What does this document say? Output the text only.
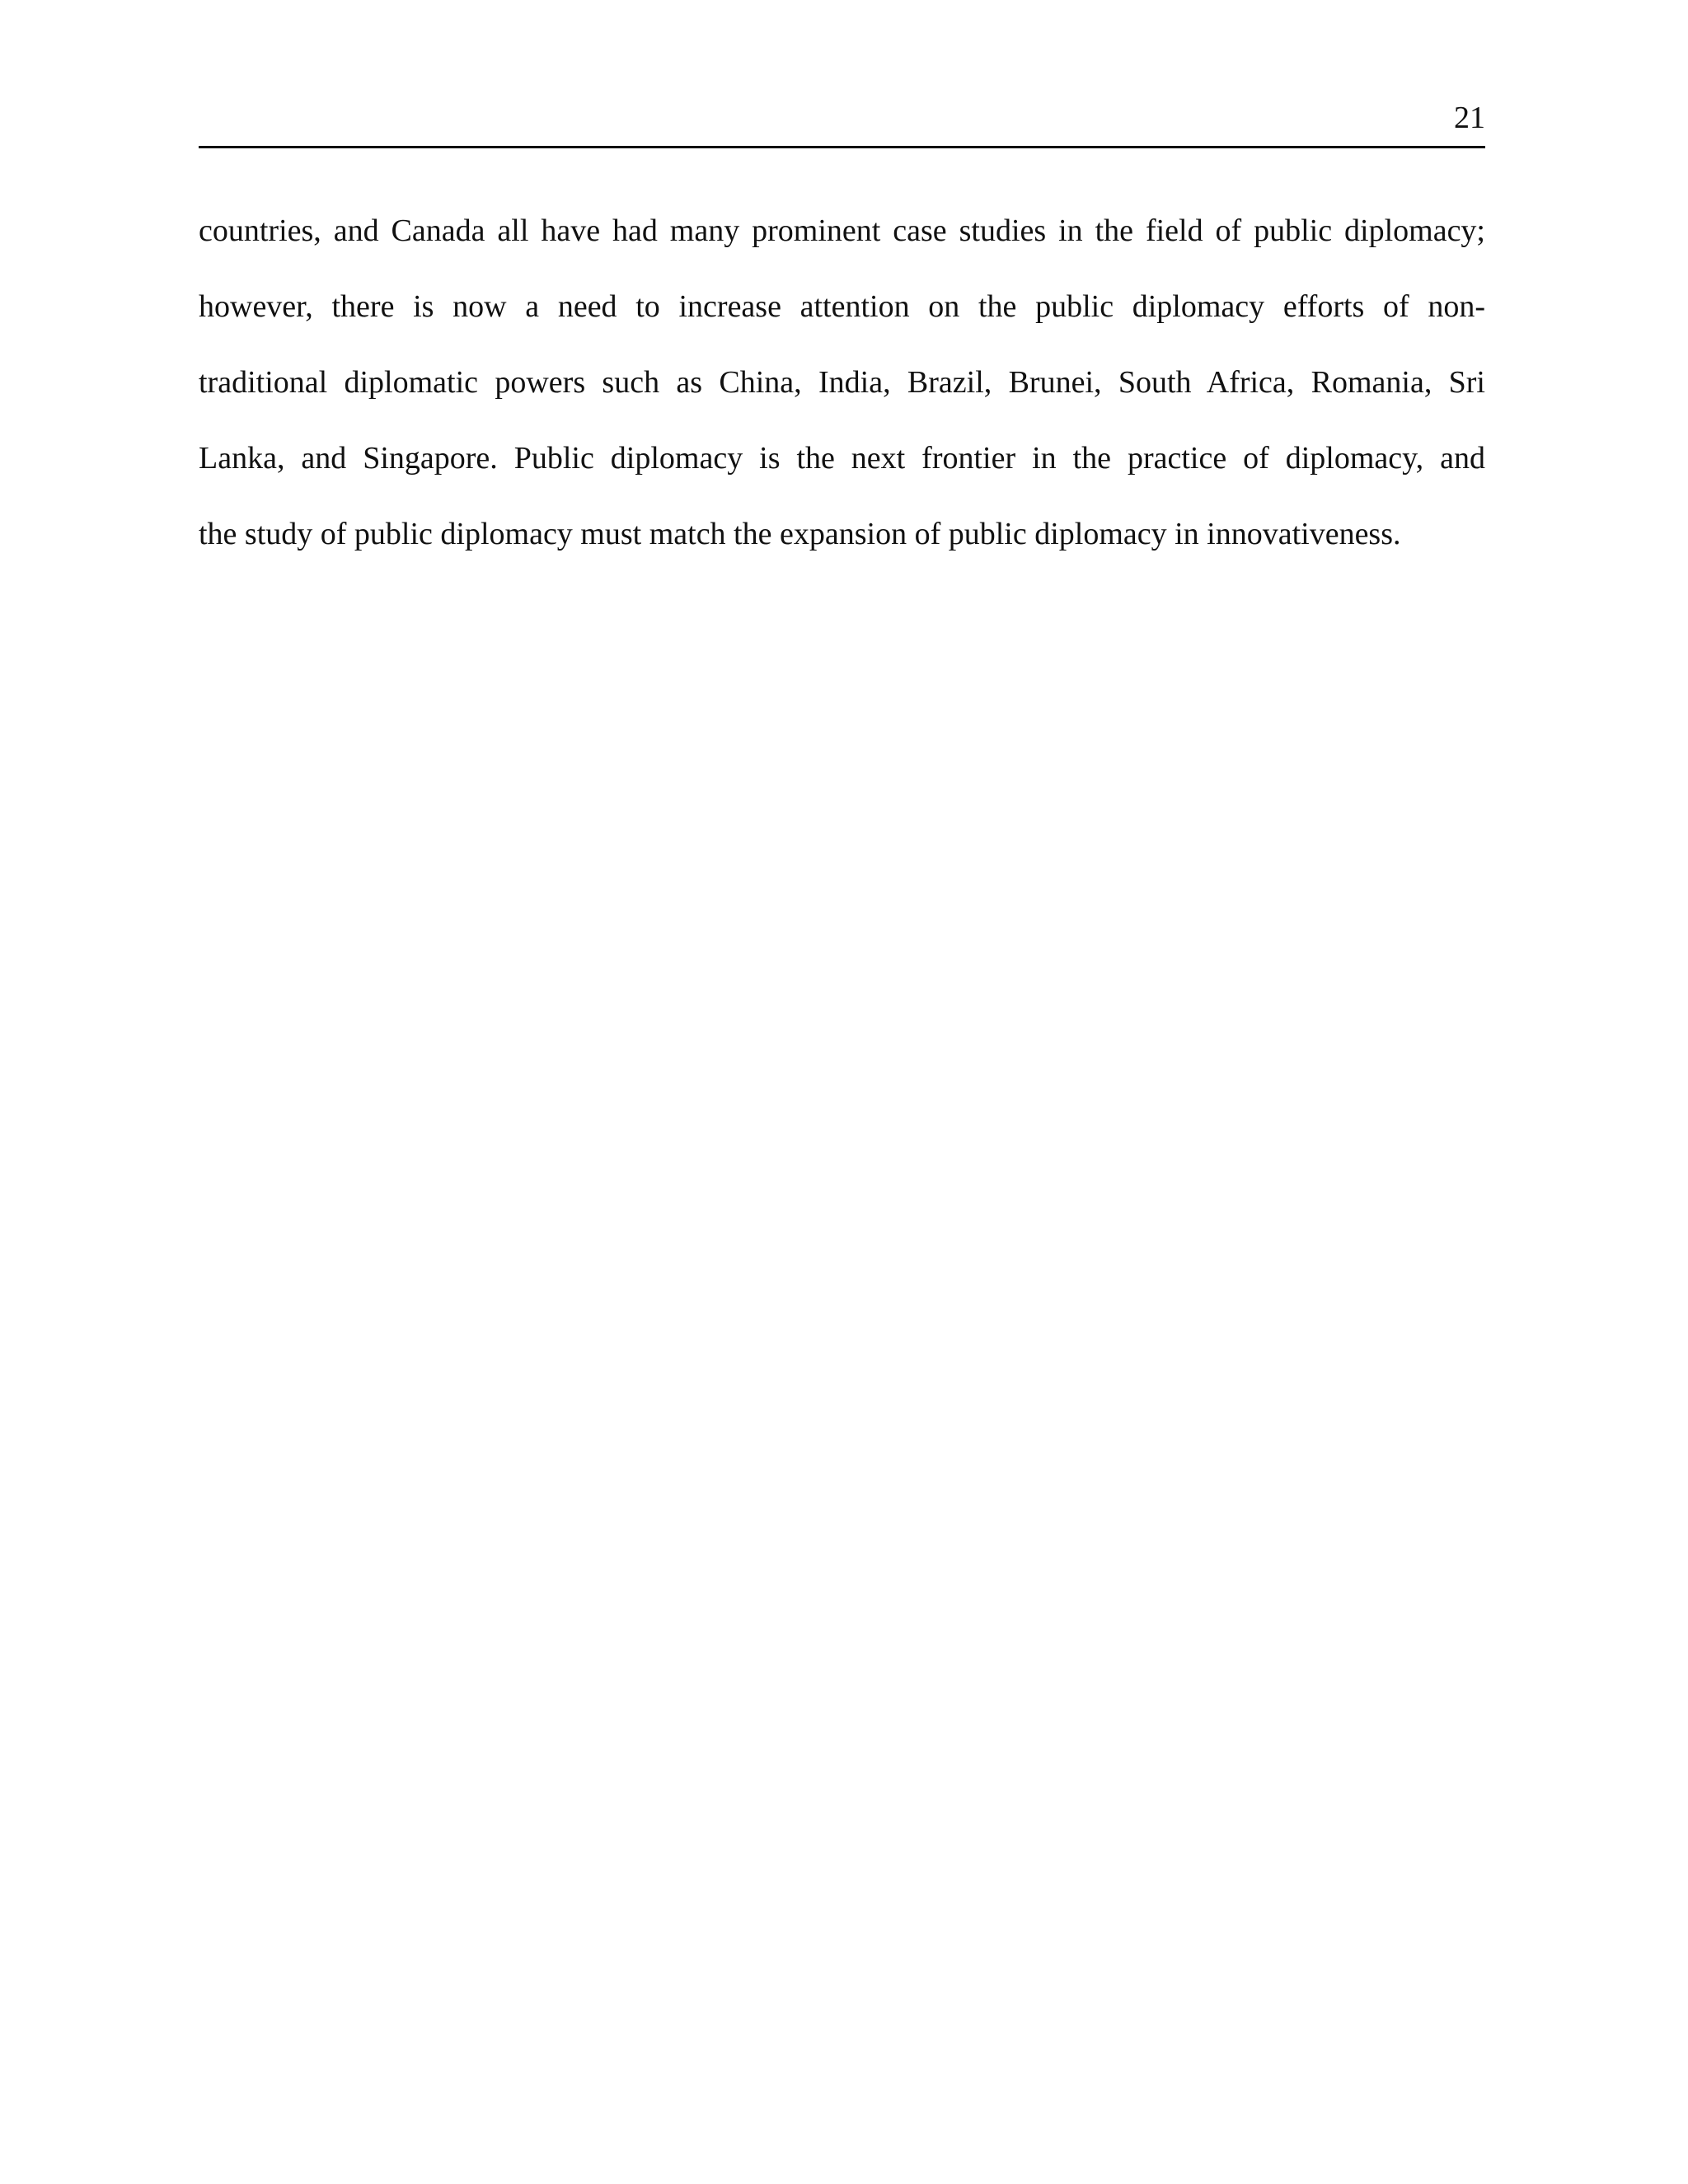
21
countries, and Canada all have had many prominent case studies in the field of public diplomacy;
however, there is now a need to increase attention on the public diplomacy efforts of non-
traditional diplomatic powers such as China, India, Brazil, Brunei, South Africa, Romania, Sri
Lanka, and Singapore. Public diplomacy is the next frontier in the practice of diplomacy, and
the study of public diplomacy must match the expansion of public diplomacy in innovativeness.
